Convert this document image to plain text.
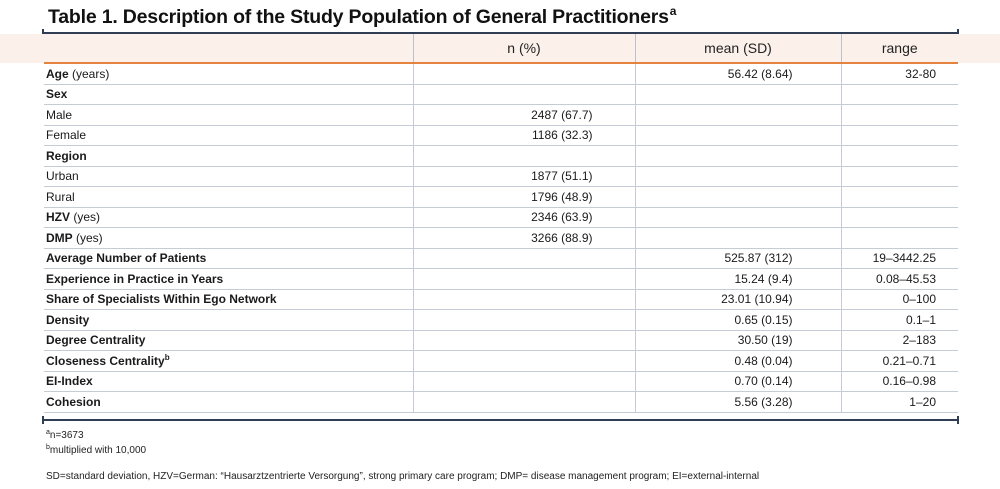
Table 1. Description of the Study Population of General Practitioners$^a$
	n (%)	mean (SD)	range
Age (years)		56.42 (8.64)	32-80
Sex			
Male	2487 (67.7)		
Female	1186 (32.3)		
Region			
Urban	1877 (51.1)		
Rural	1796 (48.9)		
HZV (yes)	2346 (63.9)		
DMP (yes)	3266 (88.9)		
Average Number of Patients		525.87 (312)	19–3442.25
Experience in Practice in Years		15.24 (9.4)	0.08–45.53
Share of Specialists Within Ego Network		23.01 (10.94)	0–100
Density		0.65 (0.15)	0.1–1
Degree Centrality		30.50 (19)	2–183
Closeness Centrality$^b$		0.48 (0.04)	0.21–0.71
EI-Index		0.70 (0.14)	0.16–0.98
Cohesion		5.56 (3.28)	1–20

$^a$n=3673

$^b$multiplied with 10,000

SD=standard deviation, HZV=German: “Hausarztzentrierte Versorgung”, strong primary care program; DMP= disease management program; EI=external-internal
